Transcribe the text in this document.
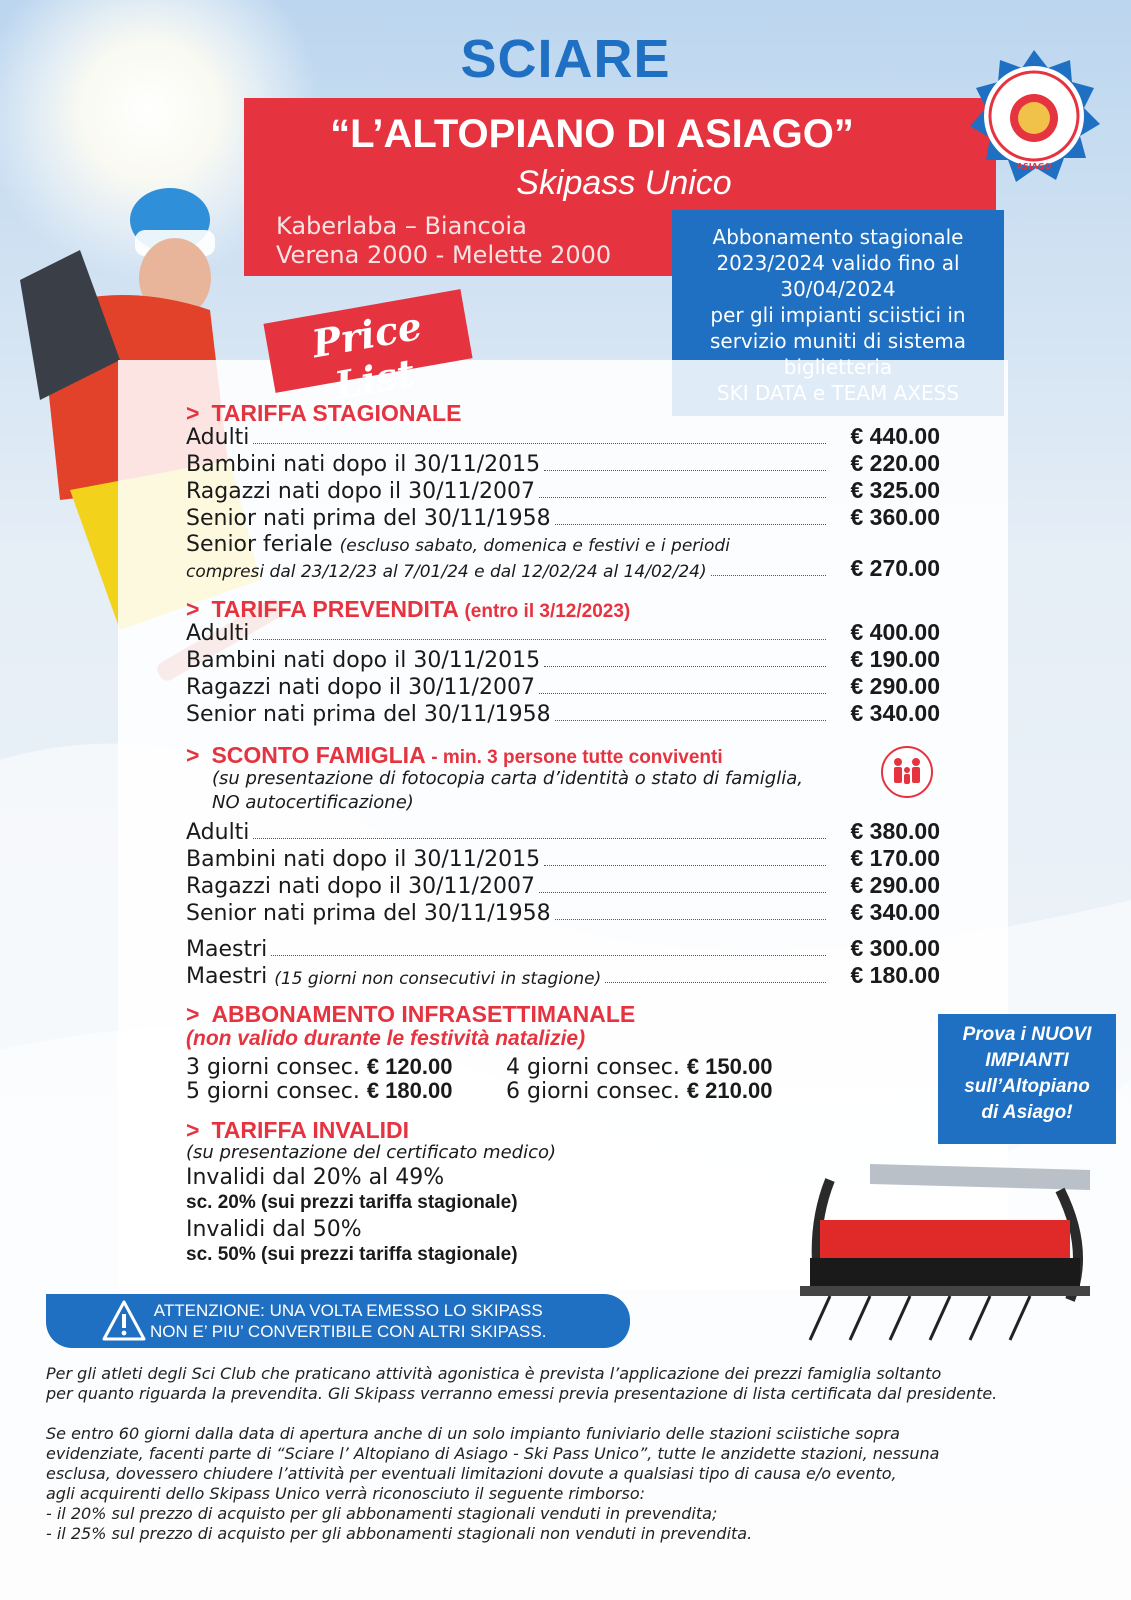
SCIARE
“L’ALTOPIANO DI ASIAGO”
Skipass Unico
Kaberlaba – Biancoia
Verena 2000 - Melette 2000
ASIAGO
Abbonamento stagionale
2023/2024 valido fino al
30/04/2024
per gli impianti sciistici in
servizio muniti di sistema
Price List
> TARIFFA STAGIONALE
Adulti	€ 440.00
Bambini nati dopo il 30/11/2015	€ 220.00
Ragazzi nati dopo il 30/11/2007	€ 325.00
Senior nati prima del 30/11/1958	€ 360.00
Senior feriale (escluso sabato, domenica e festivi e i periodi
compresi dal 23/12/23 al 7/01/24 e dal 12/02/24 al 14/02/24)	€ 270.00
> TARIFFA PREVENDITA (entro il 3/12/2023)
Adulti	€ 400.00
Bambini nati dopo il 30/11/2015	€ 190.00
Ragazzi nati dopo il 30/11/2007	€ 290.00
Senior nati prima del 30/11/1958	€ 340.00
> SCONTO FAMIGLIA - min. 3 persone tutte conviventi
(su presentazione di fotocopia carta d’identità o stato di famiglia,
NO autocertificazione)
Adulti	€ 380.00
Bambini nati dopo il 30/11/2015	€ 170.00
Ragazzi nati dopo il 30/11/2007	€ 290.00
Senior nati prima del 30/11/1958	€ 340.00
Maestri	€ 300.00
Maestri
(15 giorni non consecutivi in stagione)	€ 180.00
> ABBONAMENTO INFRASETTIMANALE
(non valido durante le festività natalizie)
3 giorni consec. € 120.00 4 giorni consec. € 150.00
5 giorni consec. € 180.00 6 giorni consec. € 210.00
> TARIFFA INVALIDI
(su presentazione del certificato medico)
Invalidi dal 20% al 49%
sc. 20% (sui prezzi tariffa stagionale)
Invalidi dal 50%
sc. 50% (sui prezzi tariffa stagionale)
ATTENZIONE: UNA VOLTA EMESSO LO SKIPASS
NON E’ PIU’ CONVERTIBILE CON ALTRI SKIPASS.
Prova i NUOVI
IMPIANTI
sull’Altopiano
di Asiago!
Per gli atleti degli Sci Club che praticano attività agonistica è prevista l’applicazione dei prezzi famiglia soltanto
per quanto riguarda la prevendita. Gli Skipass verranno emessi previa presentazione di lista certificata dal presidente.
Se entro 60 giorni dalla data di apertura anche di un solo impianto funiviario delle stazioni sciistiche sopra
evidenziate, facenti parte di “Sciare l’ Altopiano di Asiago - Ski Pass Unico”, tutte le anzidette stazioni, nessuna
esclusa, dovessero chiudere l’attività per eventuali limitazioni dovute a qualsiasi tipo di causa e/o evento,
agli acquirenti dello Skipass Unico verrà riconosciuto il seguente rimborso:
- il 20% sul prezzo di acquisto per gli abbonamenti stagionali venduti in prevendita;
- il 25% sul prezzo di acquisto per gli abbonamenti stagionali non venduti in prevendita.
